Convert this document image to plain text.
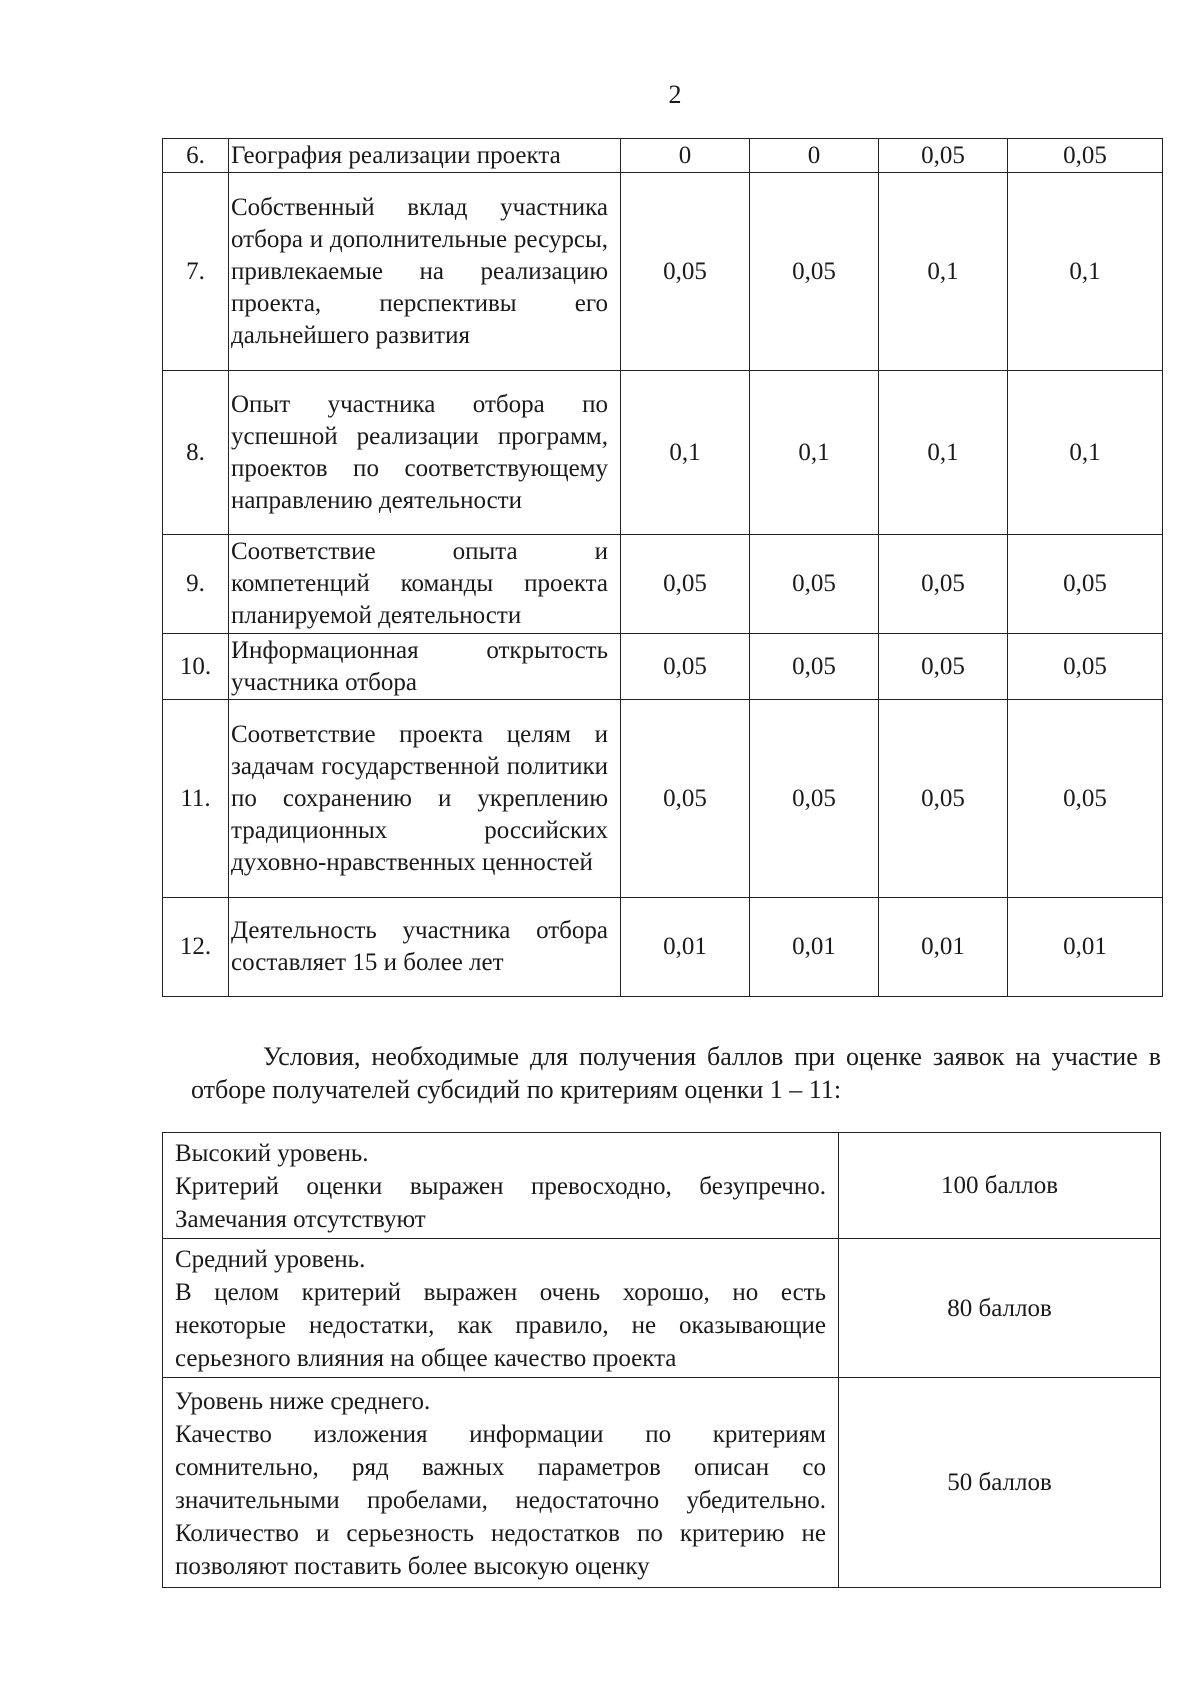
2
6.	География реализации проекта	0	0	0,05	0,05
7.	Собственный вклад участника отбора и дополнительные ресурсы, привлекаемые на реализацию проекта, перспективы его дальнейшего развития	0,05	0,05	0,1	0,1
8.	Опыт участника отбора по успешной реализации программ, проектов по соответствующему направлению деятельности	0,1	0,1	0,1	0,1
9.	Соответствие опыта и компетенций команды проекта планируемой деятельности	0,05	0,05	0,05	0,05
10.	Информационная открытость участника отбора	0,05	0,05	0,05	0,05
11.	Соответствие проекта целям и задачам государственной политики по сохранению и укреплению традиционных российских духовно-нравственных ценностей	0,05	0,05	0,05	0,05
12.	Деятельность участника отбора составляет 15 и более лет	0,01	0,01	0,01	0,01
Условия, необходимые для получения баллов при оценке заявок на участие в отборе получателей субсидий по критериям оценки 1 – 11:
Высокий уровень.
Критерий оценки выражен превосходно, безупречно. Замечания отсутствуют	100 баллов

Средний уровень.
В целом критерий выражен очень хорошо, но есть некоторые недостатки, как правило, не оказывающие серьезного влияния на общее качество проекта	80 баллов

Уровень ниже среднего.
Качество изложения информации по критериям сомнительно, ряд важных параметров описан со значительными пробелами, недостаточно убедительно. Количество и серьезность недостатков по критерию не позволяют поставить более высокую оценку	50 баллов
